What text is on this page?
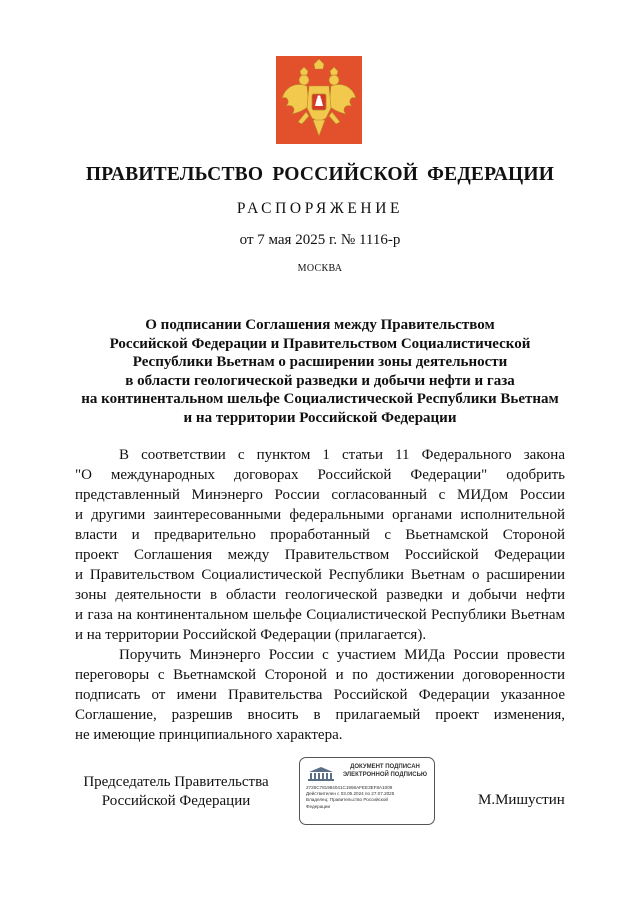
ПРАВИТЕЛЬСТВО РОССИЙСКОЙ ФЕДЕРАЦИИ
РАСПОРЯЖЕНИЕ
от 7 мая 2025 г. № 1116-р
МОСКВА
О подписании Соглашения между Правительством
Российской Федерации и Правительством Социалистической
Республики Вьетнам о расширении зоны деятельности
в области геологической разведки и добычи нефти и газа
на континентальном шельфе Социалистической Республики Вьетнам
и на территории Российской Федерации
В соответствии с пунктом 1 статьи 11 Федерального закона
"О международных договорах Российской Федерации" одобрить
представленный Минэнерго России согласованный с МИДом России
и другими заинтересованными федеральными органами исполнительной
власти и предварительно проработанный с Вьетнамской Стороной
проект Соглашения между Правительством Российской Федерации
и Правительством Социалистической Республики Вьетнам о расширении
зоны деятельности в области геологической разведки и добычи нефти
и газа на континентальном шельфе Социалистической Республики Вьетнам
и на территории Российской Федерации (прилагается).
Поручить Минэнерго России с участием МИДа России провести
переговоры с Вьетнамской Стороной и по достижении договоренности
подписать от имени Правительства Российской Федерации указанное
Соглашение, разрешив вносить в прилагаемый проект изменения,
не имеющие принципиального характера.
Председатель Правительства
Российской Федерации
ДОКУМЕНТ ПОДПИСАН
ЭЛЕКТРОННОЙ ПОДПИСЬЮ
2726C781984041C1958AFEE3EF8A1009
Действителен с 03.05.2024 по 27.07.2025
Владелец: Правительство Российской
Федерации	М.Мишустин
